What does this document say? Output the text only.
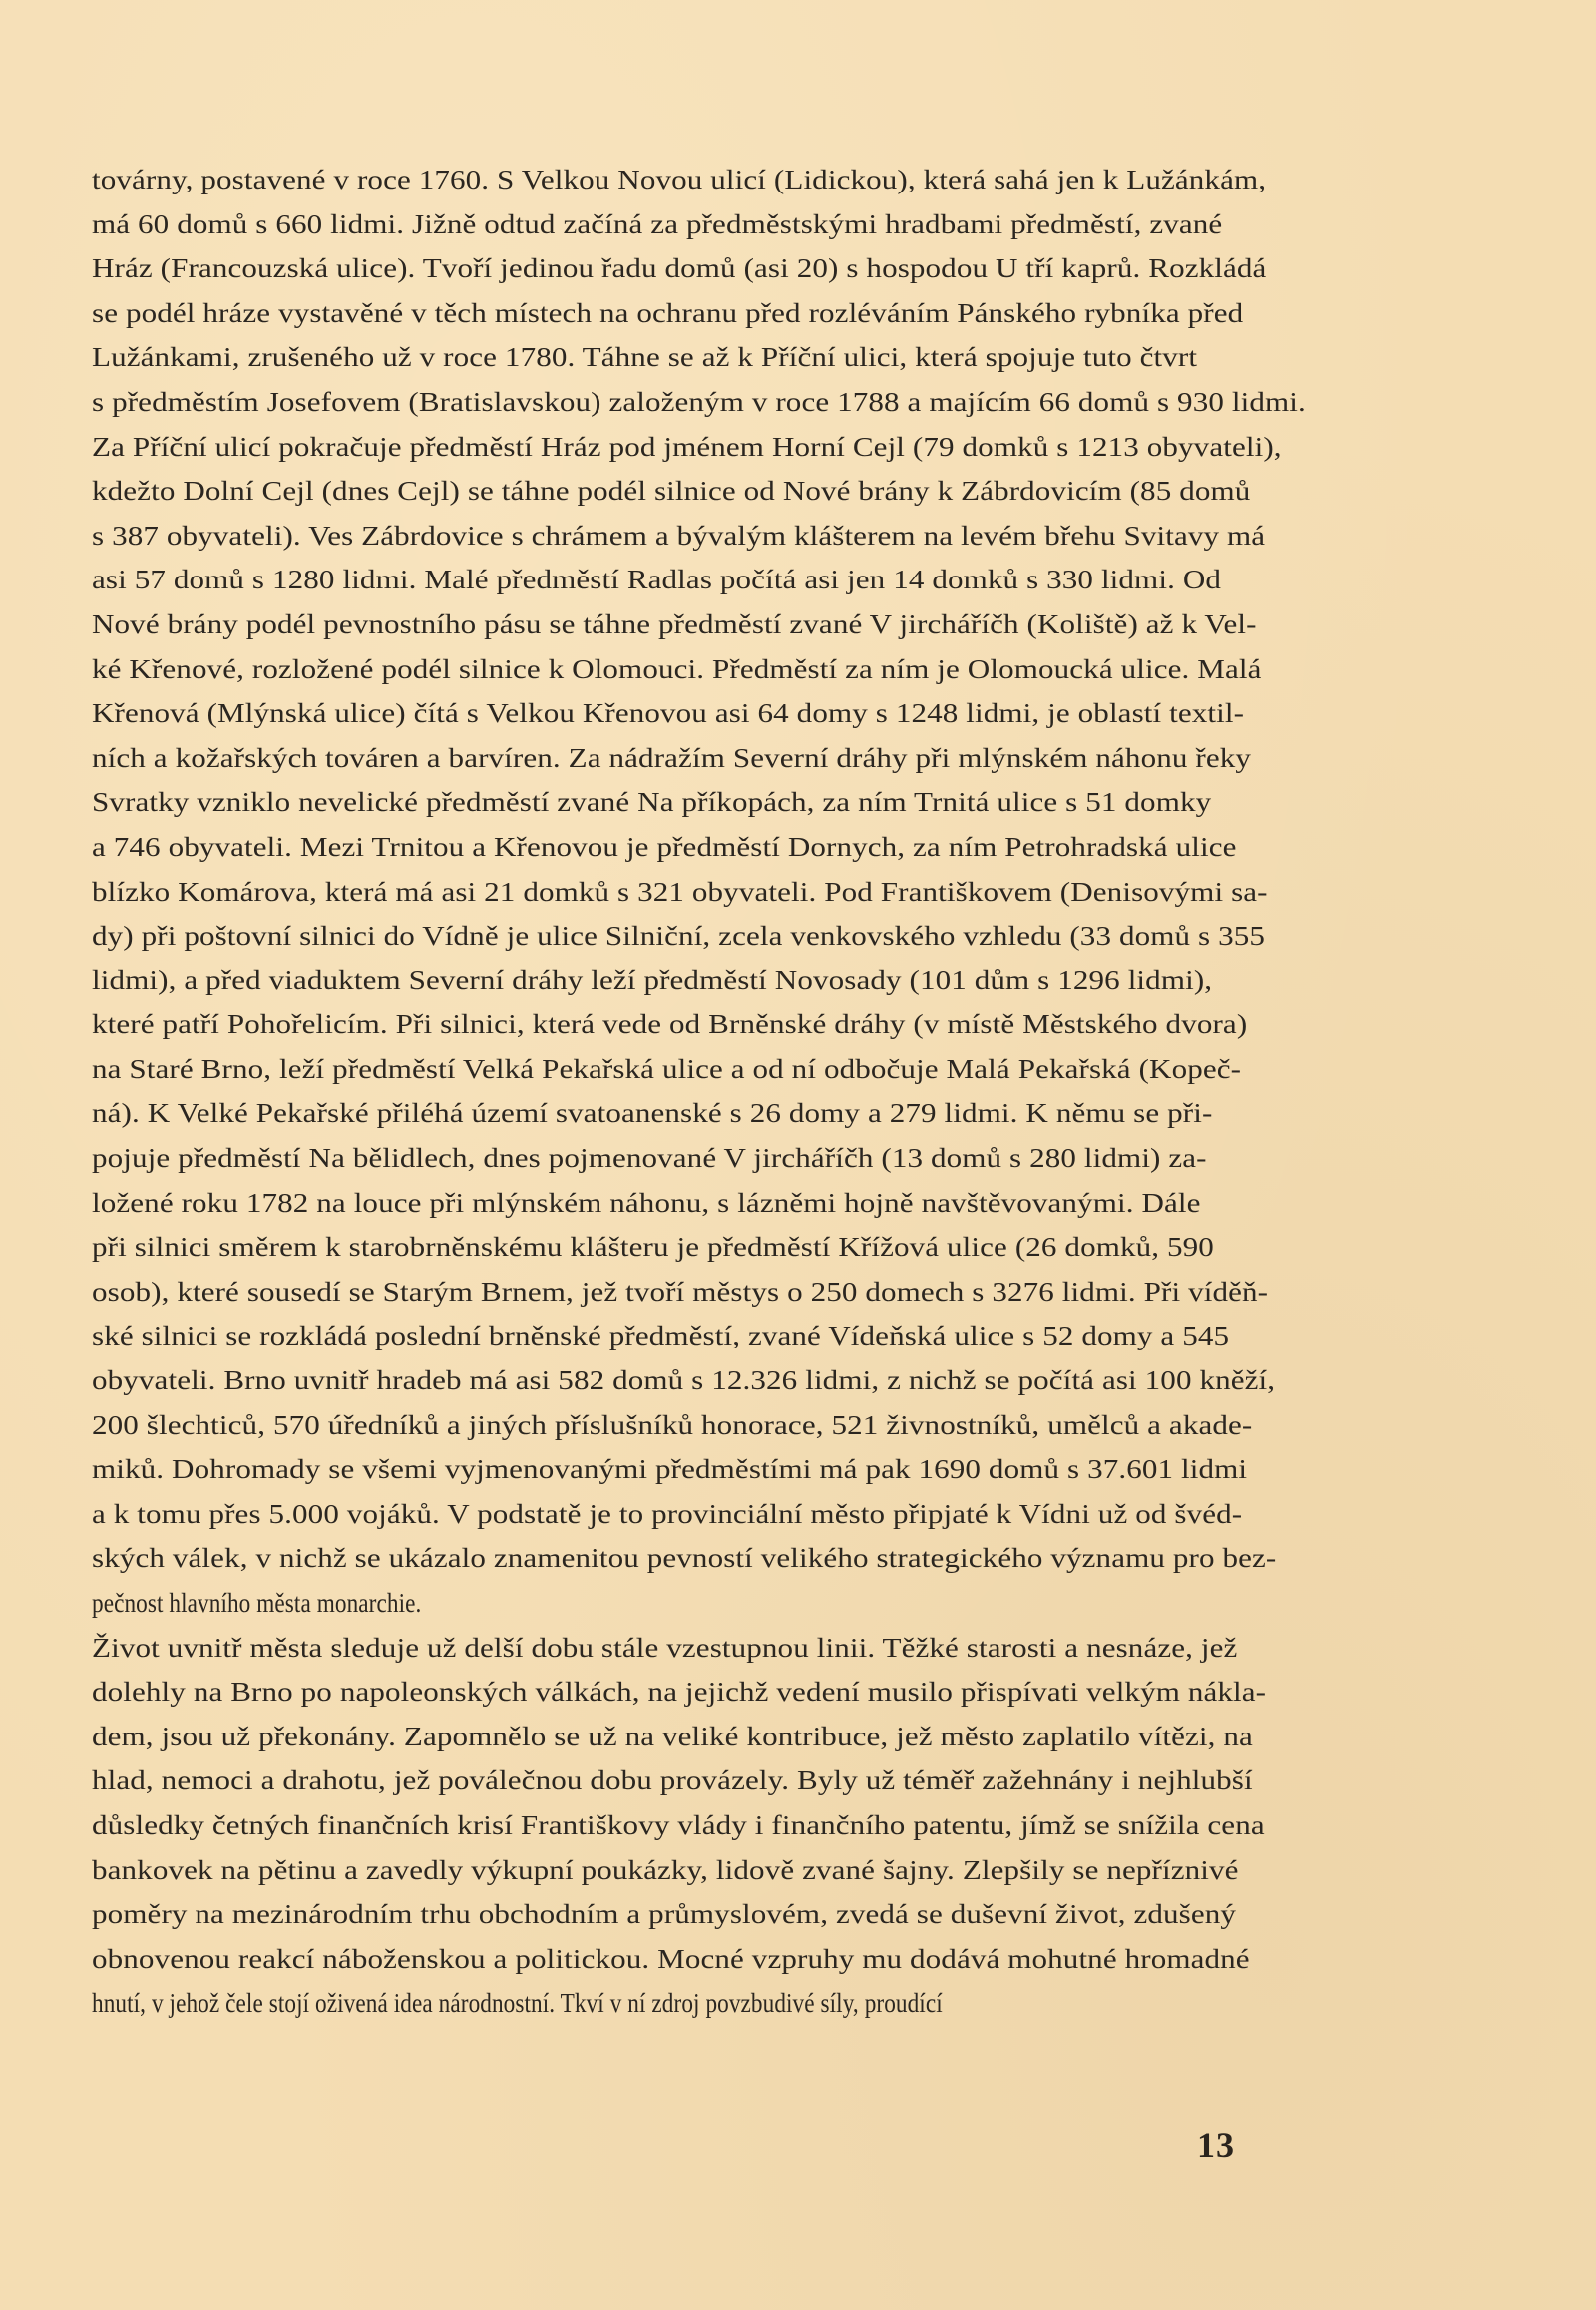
továrny, postavené v roce 1760. S Velkou Novou ulicí (Lidickou), která sahá jen k Lužánkám,
má 60 domů s 660 lidmi. Jižně odtud začíná za předměstskými hradbami předměstí, zvané
Hráz (Francouzská ulice). Tvoří jedinou řadu domů (asi 20) s hospodou U tří kaprů. Rozkládá
se podél hráze vystavěné v těch místech na ochranu před rozléváním Pánského rybníka před
Lužánkami, zrušeného už v roce 1780. Táhne se až k Příční ulici, která spojuje tuto čtvrt
s předměstím Josefovem (Bratislavskou) založeným v roce 1788 a majícím 66 domů s 930 lidmi.
Za Příční ulicí pokračuje předměstí Hráz pod jménem Horní Cejl (79 domků s 1213 obyvateli),
kdežto Dolní Cejl (dnes Cejl) se táhne podél silnice od Nové brány k Zábrdovicím (85 domů
s 387 obyvateli). Ves Zábrdovice s chrámem a bývalým klášterem na levém břehu Svitavy má
asi 57 domů s 1280 lidmi. Malé předměstí Radlas počítá asi jen 14 domků s 330 lidmi. Od
Nové brány podél pevnostního pásu se táhne předměstí zvané V jircháříčh (Koliště) až k Vel-
ké Křenové, rozložené podél silnice k Olomouci. Předměstí za ním je Olomoucká ulice. Malá
Křenová (Mlýnská ulice) čítá s Velkou Křenovou asi 64 domy s 1248 lidmi, je oblastí textil-
ních a kožařských továren a barvíren. Za nádražím Severní dráhy při mlýnském náhonu řeky
Svratky vzniklo nevelické předměstí zvané Na příkopách, za ním Trnitá ulice s 51 domky
a 746 obyvateli. Mezi Trnitou a Křenovou je předměstí Dornych, za ním Petrohradská ulice
blízko Komárova, která má asi 21 domků s 321 obyvateli. Pod Františkovem (Denisovými sa-
dy) při poštovní silnici do Vídně je ulice Silniční, zcela venkovského vzhledu (33 domů s 355
lidmi), a před viaduktem Severní dráhy leží předměstí Novosady (101 dům s 1296 lidmi),
které patří Pohořelicím. Při silnici, která vede od Brněnské dráhy (v místě Městského dvora)
na Staré Brno, leží předměstí Velká Pekařská ulice a od ní odbočuje Malá Pekařská (Kopeč-
ná). K Velké Pekařské přiléhá území svatoanenské s 26 domy a 279 lidmi. K němu se při-
pojuje předměstí Na bělidlech, dnes pojmenované V jircháříčh (13 domů s 280 lidmi) za-
ložené roku 1782 na louce při mlýnském náhonu, s lázněmi hojně navštěvovanými. Dále
při silnici směrem k starobrněnskému klášteru je předměstí Křížová ulice (26 domků, 590
osob), které sousedí se Starým Brnem, jež tvoří městys o 250 domech s 3276 lidmi. Při víděň-
ské silnici se rozkládá poslední brněnské předměstí, zvané Vídeňská ulice s 52 domy a 545
obyvateli. Brno uvnitř hradeb má asi 582 domů s 12.326 lidmi, z nichž se počítá asi 100 kněží,
200 šlechticů, 570 úředníků a jiných příslušníků honorace, 521 živnostníků, umělců a akade-
miků. Dohromady se všemi vyjmenovanými předměstími má pak 1690 domů s 37.601 lidmi
a k tomu přes 5.000 vojáků. V podstatě je to provinciální město připjaté k Vídni už od švéd-
ských válek, v nichž se ukázalo znamenitou pevností velikého strategického významu pro bez-
pečnost hlavního města monarchie.
Život uvnitř města sleduje už delší dobu stále vzestupnou linii. Těžké starosti a nesnáze, jež
dolehly na Brno po napoleonských válkách, na jejichž vedení musilo přispívati velkým nákla-
dem, jsou už překonány. Zapomnělo se už na veliké kontribuce, jež město zaplatilo vítězi, na
hlad, nemoci a drahotu, jež poválečnou dobu provázely. Byly už téměř zažehnány i nejhlubší
důsledky četných finančních krisí Františkovy vlády i finančního patentu, jímž se snížila cena
bankovek na pětinu a zavedly výkupní poukázky, lidově zvané šajny. Zlepšily se nepříznivé
poměry na mezinárodním trhu obchodním a průmyslovém, zvedá se duševní život, zdušený
obnovenou reakcí náboženskou a politickou. Mocné vzpruhy mu dodává mohutné hromadné
hnutí, v jehož čele stojí oživená idea národnostní. Tkví v ní zdroj povzbudivé síly, proudící
13
